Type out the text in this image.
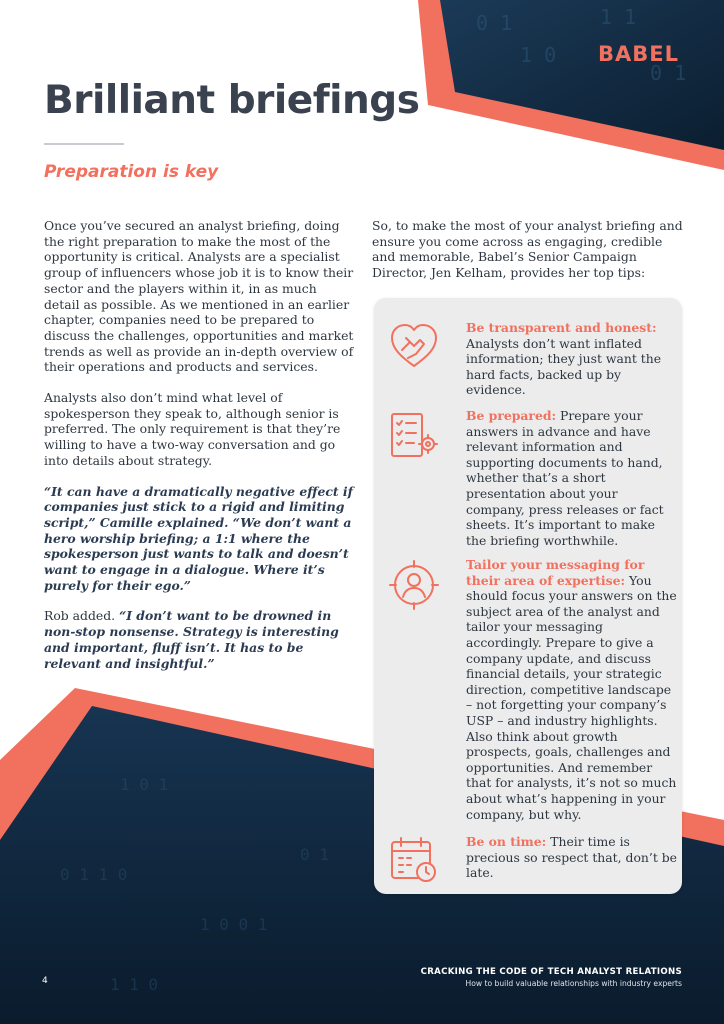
0 1
1 0
1 1
0 1
1 0 1
0 1 1 0
1 0 0 1
0 1
1 1 0
BABEL
Brilliant briefings
Preparation is key

Once you’ve secured an analyst briefing, doing the right preparation to make the most of the opportunity is critical. Analysts are a specialist group of influencers whose job it is to know their sector and the players within it, in as much detail as possible. As we mentioned in an earlier chapter, companies need to be prepared to discuss the challenges, opportunities and market trends as well as provide an in-depth overview of their operations and products and services.

Analysts also don’t mind what level of spokesperson they speak to, although senior is preferred. The only requirement is that they’re willing to have a two-way conversation and go into details about strategy.

“It can have a dramatically negative effect if companies just stick to a rigid and limiting script,” Camille explained. “We don’t want a hero worship briefing; a 1:1 where the spokesperson just wants to talk and doesn’t want to engage in a dialogue. Where it’s purely for their ego.”

Rob added. “I don’t want to be drowned in non-stop nonsense. Strategy is interesting and important, fluff isn’t. It has to be relevant and insightful.”

So, to make the most of your analyst briefing and ensure you come across as engaging, credible and memorable, Babel’s Senior Campaign Director, Jen Kelham, provides her top tips:

Be transparent and honest: Analysts don’t want inflated information; they just want the hard facts, backed up by evidence.
Be prepared: Prepare your answers in advance and have relevant information and supporting documents to hand, whether that’s a short presentation about your company, press releases or fact sheets. It’s important to make the briefing worthwhile.
Tailor your messaging for their area of expertise: You should focus your answers on the subject area of the analyst and tailor your messaging accordingly. Prepare to give a company update, and discuss financial details, your strategic direction, competitive landscape – not forgetting your company’s USP – and industry highlights. Also think about growth prospects, goals, challenges and opportunities. And remember that for analysts, it’s not so much about what’s happening in your company, but why.
Be on time: Their time is precious so respect that, don’t be late.
4
CRACKING THE CODE OF TECH ANALYST RELATIONS
How to build valuable relationships with industry experts
